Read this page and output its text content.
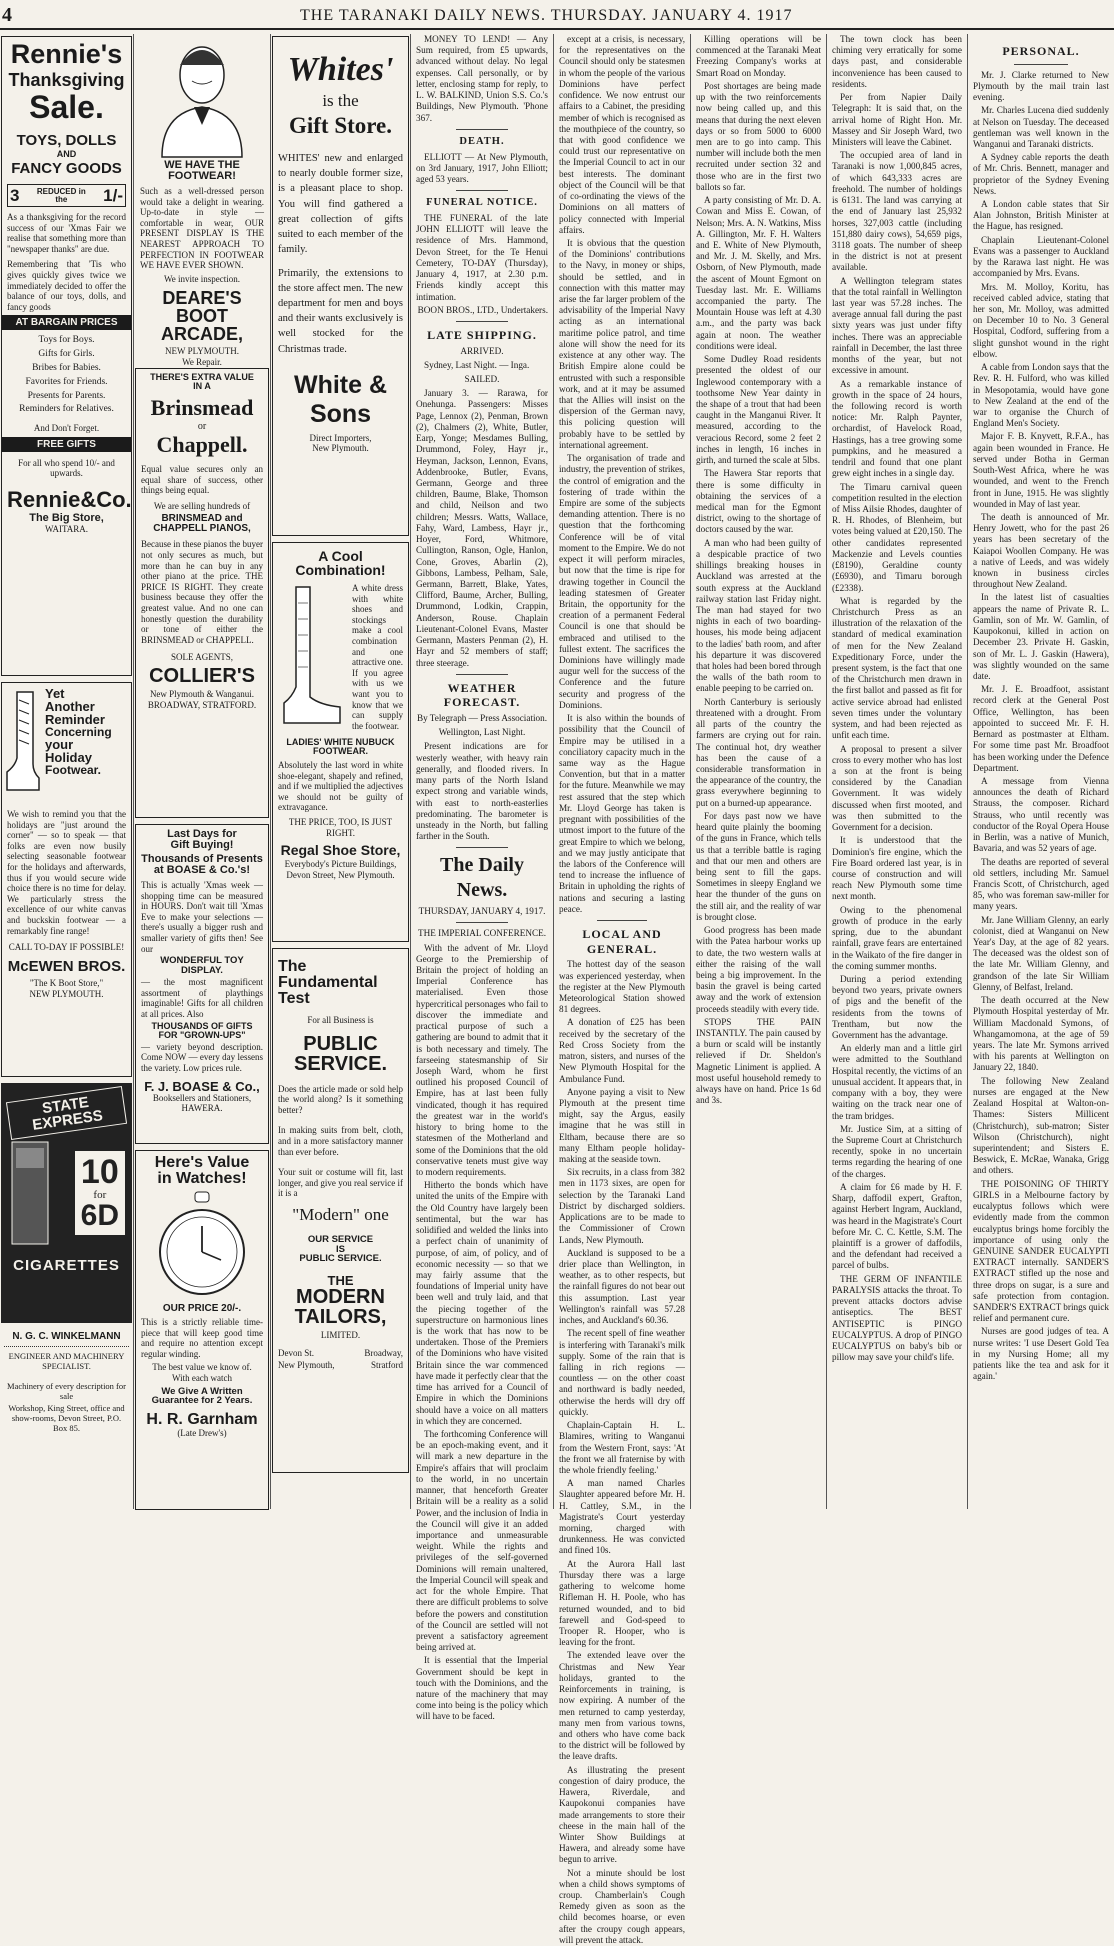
4	THE TARANAKI DAILY NEWS. THURSDAY. JANUARY 4. 1917
Rennie's
Thanksgiving
Sale.
TOYS, DOLLS
AND
FANCY GOODS
3 REDUCED in the	1/-
As a thanksgiving for the record success of our 'Xmas Fair we realise that something more than "newspaper thanks" are due.
Remembering that 'Tis who gives quickly gives twice we immediately decided to offer the balance of our toys, dolls, and fancy goods
AT BARGAIN PRICES
Toys for Boys.
Gifts for Girls.
Bribes for Babies.
Favorites for Friends.
Presents for Parents.
Reminders for Relatives.
And Don't Forget.
FREE GIFTS
For all who spend 10/- and upwards.
Rennie&Co.
The Big Store,
WAITARA.
Yet
Another
Reminder
Concerning
your
Holiday
Footwear.
We wish to remind you that the holidays are "just around the corner" — so to speak — that folks are even now busily selecting seasonable footwear for the holidays and afterwards, thus if you would secure wide choice there is no time for delay. We particularly stress the excellence of our white canvas and buckskin footwear — a remarkably fine range!
CALL TO-DAY IF POSSIBLE!
McEWEN BROS.
"The K Boot Store,"
NEW PLYMOUTH.
STATE EXPRESS
10
for
6D
CIGARETTES
N. G. C. WINKELMANN
ENGINEER AND MACHINERY SPECIALIST.
Machinery of every description for sale
Workshop, King Street, office and show-rooms, Devon Street, P.O. Box 85.
WE HAVE THE
FOOTWEAR!
Such as a well-dressed person would take a delight in wearing. Up-to-date in style — comfortable in wear, OUR PRESENT DISPLAY IS THE NEAREST APPROACH TO PERFECTION IN FOOTWEAR WE HAVE EVER SHOWN.
We invite inspection.
DEARE'S
BOOT
ARCADE,
NEW PLYMOUTH.
We Repair.
THERE'S EXTRA VALUE
IN A
Brinsmead
or
Chappell.
Equal value secures only an equal share of success, other things being equal.
We are selling hundreds of
BRINSMEAD and CHAPPELL PIANOS,
Because in these pianos the buyer not only secures as much, but more than he can buy in any other piano at the price. THE PRICE IS RIGHT. They create business because they offer the greatest value. And no one can honestly question the durability or tone of either the BRINSMEAD or CHAPPELL.
SOLE AGENTS,
COLLIER'S
New Plymouth & Wanganui.
BROADWAY, STRATFORD.
Last Days for
Gift Buying!
Thousands of Presents
at BOASE & Co.'s!
This is actually 'Xmas week — shopping time can be measured in HOURS. Don't wait till 'Xmas Eve to make your selections — there's usually a bigger rush and smaller variety of gifts then! See our
WONDERFUL TOY DISPLAY.
— the most magnificent assortment of playthings imaginable! Gifts for all children at all prices. Also
THOUSANDS OF GIFTS FOR "GROWN-UPS"
— variety beyond description. Come NOW — every day lessens the variety. Low prices rule.
F. J. BOASE & Co.,
Booksellers and Stationers,
HAWERA.
Here's Value
in Watches!
OUR PRICE 20/-.
This is a strictly reliable time-piece that will keep good time and require no attention except regular winding.
The best value we know of.
With each watch
We Give A Written Guarantee for 2 Years.
H. R. Garnham
(Late Drew's)
Whites'
is the
Gift Store.
WHITES' new and enlarged to nearly double former size, is a pleasant place to shop. You will find gathered a great collection of gifts suited to each member of the family.
Primarily, the extensions to the store affect men. The new department for men and boys and their wants exclusively is well stocked for the Christmas trade.
White & Sons
Direct Importers,
New Plymouth.
A Cool
Combination!
A white dress with white shoes and stockings make a cool combination and one attractive one. If you agree with us we want you to know that we can supply the footwear.
LADIES' WHITE NUBUCK FOOTWEAR.
Absolutely the last word in white shoe-elegant, shapely and refined, and if we multiplied the adjectives we should not be guilty of extravagance.
THE PRICE, TOO, IS JUST RIGHT.
Regal Shoe Store,
Everybody's Picture Buildings, Devon Street, New Plymouth.
The
Fundamental
Test
For all Business is
PUBLIC
SERVICE.
Does the article made or sold help the world along? Is it something better?
In making suits from belt, cloth, and in a more satisfactory manner than ever before.
Your suit or costume will fit, last longer, and give you real service if it is a
"Modern" one
OUR SERVICE
IS
PUBLIC SERVICE.
THE
MODERN
TAILORS,
LIMITED.
Devon St.	Broadway,
New Plymouth,	Stratford

MONEY TO LEND! — Any Sum required, from £5 upwards, advanced without delay. No legal expenses. Call personally, or by letter, enclosing stamp for reply, to L. W. BALKIND, Union S.S. Co.'s Buildings, New Plymouth. 'Phone 367.

DEATH.

ELLIOTT — At New Plymouth, on 3rd January, 1917, John Elliott; aged 53 years.

FUNERAL NOTICE.

THE FUNERAL of the late JOHN ELLIOTT will leave the residence of Mrs. Hammond, Devon Street, for the Te Henui Cemetery, TO-DAY (Thursday), January 4, 1917, at 2.30 p.m. Friends kindly accept this intimation.

BOON BROS., LTD., Undertakers.
LATE SHIPPING.
ARRIVED.

Sydney, Last Night. — Inga.

SAILED.

January 3. — Rarawa, for Onehunga. Passengers: Misses Page, Lennox (2), Penman, Brown (2), Chalmers (2), White, Butler, Earp, Yonge; Mesdames Bulling, Drummond, Foley, Hayr jr., Heyman, Jackson, Lennon, Evans, Addenbrooke, Butler, Evans, Germann, George and three children, Baume, Blake, Thomson and child, Neilson and two children; Messrs. Watts, Wallace, Fahy, Ward, Lambess, Hayr jr., Hoyer, Ford, Whitmore, Cullington, Ranson, Ogle, Hanlon, Cone, Groves, Abarlin (2), Gibbons, Lambess, Pelham, Sale, Germann, Barrett, Blake, Yates, Clifford, Baume, Archer, Bulling, Drummond, Lodkin, Crappin, Anderson, Rouse. Chaplain Lieutenant-Colonel Evans, Master Germann, Masters Penman (2), H. Hayr and 52 members of staff; three steerage.

WEATHER FORECAST.
By Telegraph — Press Association.
Wellington, Last Night.

Present indications are for westerly weather, with heavy rain generally, and flooded rivers. In many parts of the North Island expect strong and variable winds, with east to north-easterlies predominating. The barometer is unsteady in the North, but falling farther in the South.

The Daily News.
THURSDAY, JANUARY 4, 1917.
THE IMPERIAL CONFERENCE.

With the advent of Mr. Lloyd George to the Premiership of Britain the project of holding an Imperial Conference has materialised. Even those hypercritical personages who fail to discover the immediate and practical purpose of such a gathering are bound to admit that it is both necessary and timely. The farseeing statesmanship of Sir Joseph Ward, whom he first outlined his proposed Council of Empire, has at last been fully vindicated, though it has required the greatest war in the world's history to bring home to the statesmen of the Motherland and some of the Dominions that the old conservative tenets must give way to modern requirements.

Hitherto the bonds which have united the units of the Empire with the Old Country have largely been sentimental, but the war has solidified and welded the links into a perfect chain of unanimity of purpose, of aim, of policy, and of economic necessity — so that we may fairly assume that the foundations of Imperial unity have been well and truly laid, and that the piecing together of the superstructure on harmonious lines is the work that has now to be undertaken. Those of the Premiers of the Dominions who have visited Britain since the war commenced have made it perfectly clear that the time has arrived for a Council of Empire in which the Dominions should have a voice on all matters in which they are concerned.

The forthcoming Conference will be an epoch-making event, and it will mark a new departure in the Empire's affairs that will proclaim to the world, in no uncertain manner, that henceforth Greater Britain will be a reality as a solid Power, and the inclusion of India in the Council will give it an added importance and unmeasurable weight. While the rights and privileges of the self-governed Dominions will remain unaltered, the Imperial Council will speak and act for the whole Empire. That there are difficult problems to solve before the powers and constitution of the Council are settled will not prevent a satisfactory agreement being arrived at.

It is essential that the Imperial Government should be kept in touch with the Dominions, and the nature of the machinery that may come into being is the policy which will have to be faced.

except at a crisis, is necessary, for the representatives on the Council should only be statesmen in whom the people of the various Dominions have perfect confidence. We now entrust our affairs to a Cabinet, the presiding member of which is recognised as the mouthpiece of the country, so that with good confidence we could trust our representative on the Imperial Council to act in our best interests. The dominant object of the Council will be that of co-ordinating the views of the Dominions on all matters of policy connected with Imperial affairs.

It is obvious that the question of the Dominions' contributions to the Navy, in money or ships, should be settled, and in connection with this matter may arise the far larger problem of the advisability of the Imperial Navy acting as an international maritime police patrol, and time alone will show the need for its existence at any other way. The British Empire alone could be entrusted with such a responsible work, and at it may be assumed that the Allies will insist on the dispersion of the German navy, this policing question will probably have to be settled by international agreement.

The organisation of trade and industry, the prevention of strikes, the control of emigration and the fostering of trade within the Empire are some of the subjects demanding attention. There is no question that the forthcoming Conference will be of vital moment to the Empire. We do not expect it will perform miracles, but now that the time is ripe for drawing together in Council the leading statesmen of Greater Britain, the opportunity for the creation of a permanent Federal Council is one that should be embraced and utilised to the fullest extent. The sacrifices the Dominions have willingly made augur well for the success of the Conference and the future security and progress of the Dominions.

It is also within the bounds of possibility that the Council of Empire may be utilised in a conciliatory capacity much in the same way as the Hague Convention, but that in a matter for the future. Meanwhile we may rest assured that the step which Mr. Lloyd George has taken is pregnant with possibilities of the utmost import to the future of the great Empire to which we belong, and we may justly anticipate that the labors of the Conference will tend to increase the influence of Britain in upholding the rights of nations and securing a lasting peace.

LOCAL AND GENERAL.

The hottest day of the season was experienced yesterday, when the register at the New Plymouth Meteorological Station showed 81 degrees.

A donation of £25 has been received by the secretary of the Red Cross Society from the matron, sisters, and nurses of the New Plymouth Hospital for the Ambulance Fund.

Anyone paying a visit to New Plymouth at the present time might, say the Argus, easily imagine that he was still in Eltham, because there are so many Eltham people holiday-making at the seaside town.

Six recruits, in a class from 382 men in 1173 sixes, are open for selection by the Taranaki Land District by discharged soldiers. Applications are to be made to the Commissioner of Crown Lands, New Plymouth.

Auckland is supposed to be a drier place than Wellington, in weather, as to other respects, but the rainfall figures do not bear out this assumption. Last year Wellington's rainfall was 57.28 inches, and Auckland's 60.36.

The recent spell of fine weather is interfering with Taranaki's milk supply. Some of the rain that is falling in rich regions — countless — on the other coast and northward is badly needed, otherwise the herds will dry off quickly.

Chaplain-Captain H. L. Blamires, writing to Wanganui from the Western Front, says: 'At the front we all fraternise by with the whole friendly feeling.'

A man named Charles Slaughter appeared before Mr. H. H. Cattley, S.M., in the Magistrate's Court yesterday morning, charged with drunkenness. He was convicted and fined 10s.

At the Aurora Hall last Thursday there was a large gathering to welcome home Rifleman H. H. Poole, who has returned wounded, and to bid farewell and God-speed to Trooper R. Hooper, who is leaving for the front.

The extended leave over the Christmas and New Year holidays, granted to the Reinforcements in training, is now expiring. A number of the men returned to camp yesterday, many men from various towns, and others who have come back to the district will be followed by the leave drafts.

As illustrating the present congestion of dairy produce, the Hawera, Riverdale, and Kaupokonui companies have made arrangements to store their cheese in the main hall of the Winter Show Buildings at Hawera, and already some have begun to arrive.

Not a minute should be lost when a child shows symptoms of croup. Chamberlain's Cough Remedy given as soon as the child becomes hoarse, or even after the croupy cough appears, will prevent the attack.

Killing operations will be commenced at the Taranaki Meat Freezing Company's works at Smart Road on Monday.

Post shortages are being made up with the two reinforcements now being called up, and this means that during the next eleven days or so from 5000 to 6000 men are to go into camp. This number will include both the men recruited under section 32 and those who are in the first two ballots so far.

A party consisting of Mr. D. A. Cowan and Miss E. Cowan, of Nelson; Mrs. A. N. Watkins, Miss A. Gillington, Mr. F. H. Walters and E. White of New Plymouth, and Mr. J. M. Skelly, and Mrs. Osborn, of New Plymouth, made the ascent of Mount Egmont on Tuesday last. Mr. E. Williams accompanied the party. The Mountain House was left at 4.30 a.m., and the party was back again at noon. The weather conditions were ideal.

Some Dudley Road residents presented the oldest of our Inglewood contemporary with a toothsome New Year dainty in the shape of a trout that had been caught in the Manganui River. It measured, according to the veracious Record, some 2 feet 2 inches in length, 16 inches in girth, and turned the scale at 5lbs.

The Hawera Star reports that there is some difficulty in obtaining the services of a medical man for the Egmont district, owing to the shortage of doctors caused by the war.

A man who had been guilty of a despicable practice of two shillings breaking houses in Auckland was arrested at the south express at the Auckland railway station last Friday night. The man had stayed for two nights in each of two boarding-houses, his mode being adjacent to the ladies' bath room, and after his departure it was discovered that holes had been bored through the walls of the bath room to enable peeping to be carried on.

North Canterbury is seriously threatened with a drought. From all parts of the country the farmers are crying out for rain. The continual hot, dry weather has been the cause of a considerable transformation in the appearance of the country, the grass everywhere beginning to put on a burned-up appearance.

For days past now we have heard quite plainly the booming of the guns in France, which tells us that a terrible battle is raging and that our men and others are being sent to fill the gaps. Sometimes in sleepy England we hear the thunder of the guns on the still air, and the reality of war is brought close.

Good progress has been made with the Patea harbour works up to date, the two western walls at either the raising of the wall being a big improvement. In the basin the gravel is being carted away and the work of extension proceeds steadily with every tide.

STOPS THE PAIN INSTANTLY. The pain caused by a burn or scald will be instantly relieved if Dr. Sheldon's Magnetic Liniment is applied. A most useful household remedy to always have on hand. Price 1s 6d and 3s.

The town clock has been chiming very erratically for some days past, and considerable inconvenience has been caused to residents.

Per from Napier Daily Telegraph: It is said that, on the arrival home of Right Hon. Mr. Massey and Sir Joseph Ward, two Ministers will leave the Cabinet.

The occupied area of land in Taranaki is now 1,000,845 acres, of which 643,333 acres are freehold. The number of holdings is 6131. The land was carrying at the end of January last 25,932 horses, 327,003 cattle (including 151,880 dairy cows), 54,659 pigs, 3118 goats. The number of sheep in the district is not at present available.

A Wellington telegram states that the total rainfall in Wellington last year was 57.28 inches. The average annual fall during the past sixty years was just under fifty inches. There was an appreciable rainfall in December, the last three months of the year, but not excessive in amount.

As a remarkable instance of growth in the space of 24 hours, the following record is worth notice: Mr. Ralph Paynter, orchardist, of Havelock Road, Hastings, has a tree growing some pumpkins, and he measured a tendril and found that one plant grew eight inches in a single day.

The Timaru carnival queen competition resulted in the election of Miss Ailsie Rhodes, daughter of R. H. Rhodes, of Blenheim, but votes being valued at £20,150. The other candidates represented Mackenzie and Levels counties (£8190), Geraldine county (£6930), and Timaru borough (£2338).

What is regarded by the Christchurch Press as an illustration of the relaxation of the standard of medical examination of men for the New Zealand Expeditionary Force, under the present system, is the fact that one of the Christchurch men drawn in the first ballot and passed as fit for active service abroad had enlisted seven times under the voluntary system, and had been rejected as unfit each time.

A proposal to present a silver cross to every mother who has lost a son at the front is being considered by the Canadian Government. It was widely discussed when first mooted, and was then submitted to the Government for a decision.

It is understood that the Dominion's fire engine, which the Fire Board ordered last year, is in course of construction and will reach New Plymouth some time next month.

Owing to the phenomenal growth of produce in the early spring, due to the abundant rainfall, grave fears are entertained in the Waikato of the fire danger in the coming summer months.

During a period extending beyond two years, private owners of pigs and the benefit of the residents from the towns of Trentham, but now the Government has the advantage.

An elderly man and a little girl were admitted to the Southland Hospital recently, the victims of an unusual accident. It appears that, in company with a boy, they were waiting on the track near one of the tram bridges.

Mr. Justice Sim, at a sitting of the Supreme Court at Christchurch recently, spoke in no uncertain terms regarding the hearing of one of the charges.

A claim for £6 made by H. F. Sharp, daffodil expert, Grafton, against Herbert Ingram, Auckland, was heard in the Magistrate's Court before Mr. C. C. Kettle, S.M. The plaintiff is a grower of daffodils, and the defendant had received a parcel of bulbs.

THE GERM OF INFANTILE PARALYSIS attacks the throat. To prevent attacks doctors advise antiseptics. The BEST ANTISEPTIC is PINGO EUCALYPTUS. A drop of PINGO EUCALYPTUS on baby's bib or pillow may save your child's life.

PERSONAL.

Mr. J. Clarke returned to New Plymouth by the mail train last evening.

Mr. Charles Lucena died suddenly at Nelson on Tuesday. The deceased gentleman was well known in the Wanganui and Taranaki districts.

A Sydney cable reports the death of Mr. Chris. Bennett, manager and proprietor of the Sydney Evening News.

A London cable states that Sir Alan Johnston, British Minister at the Hague, has resigned.

Chaplain Lieutenant-Colonel Evans was a passenger to Auckland by the Rarawa last night. He was accompanied by Mrs. Evans.

Mrs. M. Molloy, Koritu, has received cabled advice, stating that her son, Mr. Molloy, was admitted on December 10 to No. 3 General Hospital, Codford, suffering from a slight gunshot wound in the right elbow.

A cable from London says that the Rev. R. H. Fulford, who was killed in Mesopotamia, would have gone to New Zealand at the end of the war to organise the Church of England Men's Society.

Major F. B. Knyvett, R.F.A., has again been wounded in France. He served under Botha in German South-West Africa, where he was wounded, and went to the French front in June, 1915. He was slightly wounded in May of last year.

The death is announced of Mr. Henry Jowett, who for the past 26 years has been secretary of the Kaiapoi Woollen Company. He was a native of Leeds, and was widely known in business circles throughout New Zealand.

In the latest list of casualties appears the name of Private R. L. Gamlin, son of Mr. W. Gamlin, of Kaupokonui, killed in action on December 23. Private H. Gaskin, son of Mr. L. J. Gaskin (Hawera), was slightly wounded on the same date.

Mr. J. E. Broadfoot, assistant record clerk at the General Post Office, Wellington, has been appointed to succeed Mr. F. H. Bernard as postmaster at Eltham. For some time past Mr. Broadfoot has been working under the Defence Department.

A message from Vienna announces the death of Richard Strauss, the composer. Richard Strauss, who until recently was conductor of the Royal Opera House in Berlin, was a native of Munich, Bavaria, and was 52 years of age.

The deaths are reported of several old settlers, including Mr. Samuel Francis Scott, of Christchurch, aged 85, who was foreman saw-miller for many years.

Mr. Jane William Glenny, an early colonist, died at Wanganui on New Year's Day, at the age of 82 years. The deceased was the oldest son of the late Mr. William Glenny, and grandson of the late Sir William Glenny, of Belfast, Ireland.

The death occurred at the New Plymouth Hospital yesterday of Mr. William Macdonald Symons, of Whangamomona, at the age of 59 years. The late Mr. Symons arrived with his parents at Wellington on January 22, 1840.

The following New Zealand nurses are engaged at the New Zealand Hospital at Walton-on-Thames: Sisters Millicent (Christchurch), sub-matron; Sister Wilson (Christchurch), night superintendent; and Sisters E. Beswick, E. McRae, Wanaka, Grigg and others.

THE POISONING OF THIRTY GIRLS in a Melbourne factory by eucalyptus follows which were evidently made from the common eucalyptus brings home forcibly the importance of using only the GENUINE SANDER EUCALYPTI EXTRACT internally. SANDER'S EXTRACT stifled up the nose and three drops on sugar, is a sure and safe protection from contagion. SANDER'S EXTRACT brings quick relief and permanent cure.

Nurses are good judges of tea. A nurse writes: 'I use Desert Gold Tea in my Nursing Home; all my patients like the tea and ask for it again.'
